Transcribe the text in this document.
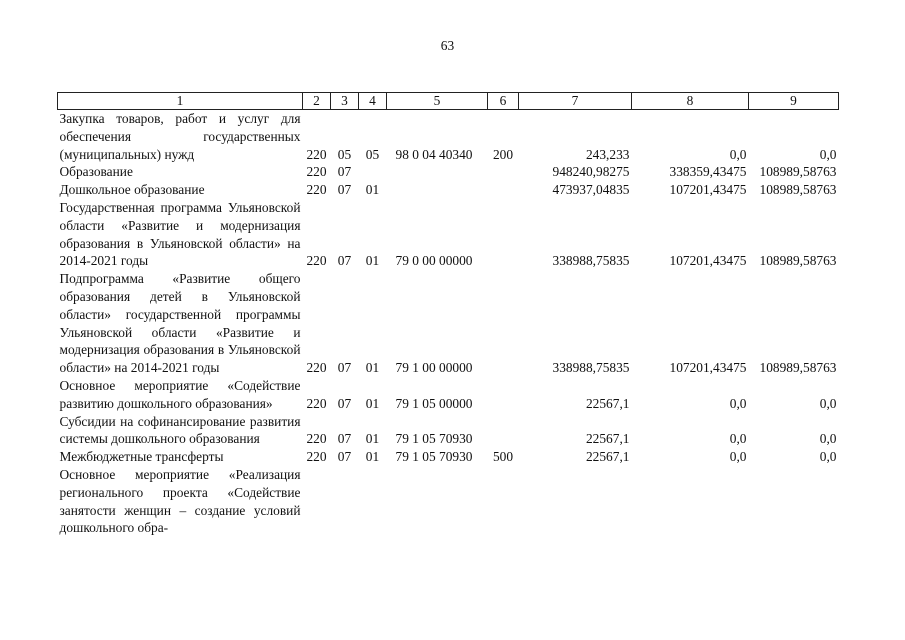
63
1	2	3	4	5	6	7	8	9
Закупка товаров, работ и услуг для обеспечения государственных (муниципальных) нужд	220	05	05	98 0 04 40340	200	243,233	0,0	0,0
Образование	220	07				948240,98275	338359,43475	108989,58763
Дошкольное образование	220	07	01			473937,04835	107201,43475	108989,58763
Государственная программа Ульяновской области «Развитие и модернизация образования в Ульяновской области» на 2014-2021 годы	220	07	01	79 0 00 00000		338988,75835	107201,43475	108989,58763
Подпрограмма «Развитие общего образования детей в Ульяновской области» государственной программы Ульяновской области «Развитие и модернизация образования в Ульяновской области» на 2014-2021 годы	220	07	01	79 1 00 00000		338988,75835	107201,43475	108989,58763
Основное мероприятие «Содействие развитию дошкольного образования»	220	07	01	79 1 05 00000		22567,1	0,0	0,0
Субсидии на софинансирование развития системы дошкольного образования	220	07	01	79 1 05 70930		22567,1	0,0	0,0
Межбюджетные трансферты	220	07	01	79 1 05 70930	500	22567,1	0,0	0,0
Основное мероприятие «Реализация регионального проекта «Содействие занятости женщин – создание условий дошкольного обра-								
